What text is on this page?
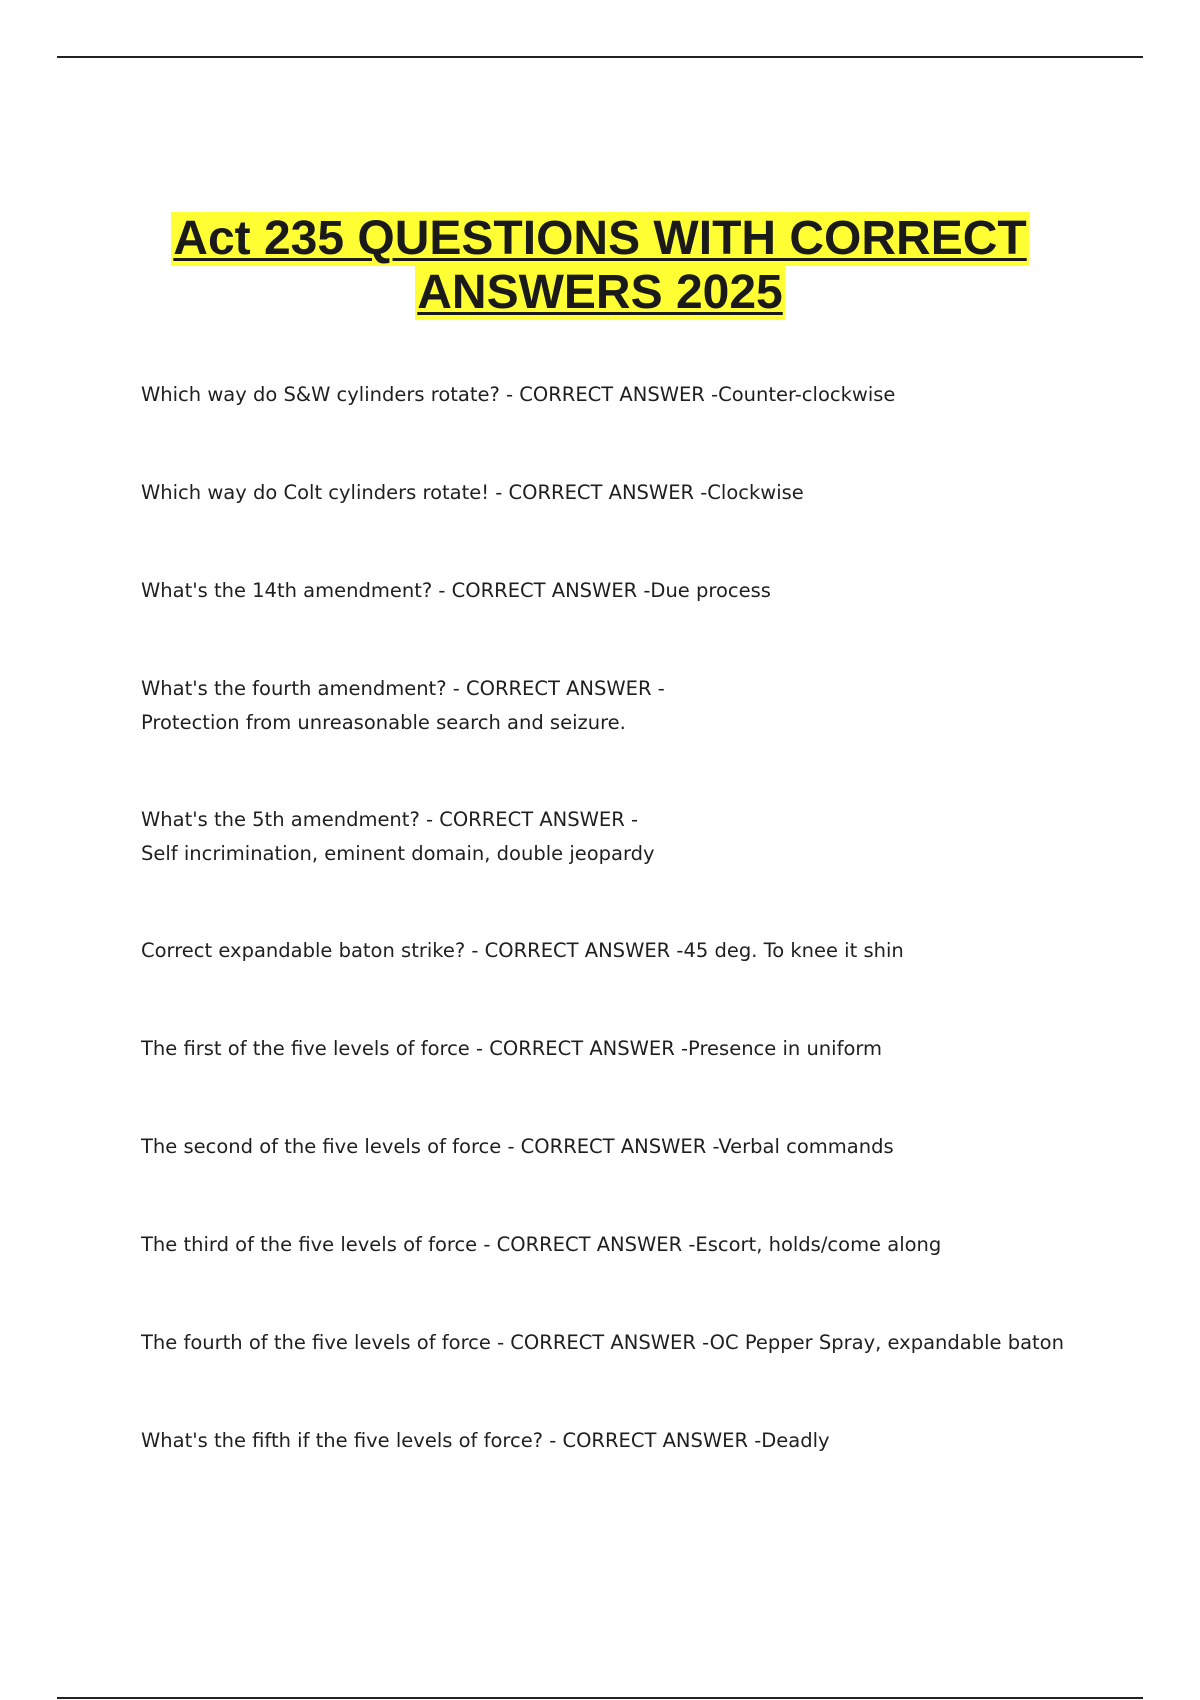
Act 235 QUESTIONS WITH CORRECT
ANSWERS 2025
Which way do S&W cylinders rotate? - CORRECT ANSWER -Counter-clockwise
Which way do Colt cylinders rotate! - CORRECT ANSWER -Clockwise
What's the 14th amendment? - CORRECT ANSWER -Due process
What's the fourth amendment? - CORRECT ANSWER -
Protection from unreasonable search and seizure.
What's the 5th amendment? - CORRECT ANSWER -
Self incrimination, eminent domain, double jeopardy
Correct expandable baton strike? - CORRECT ANSWER -45 deg. To knee it shin
The first of the five levels of force - CORRECT ANSWER -Presence in uniform
The second of the five levels of force - CORRECT ANSWER -Verbal commands
The third of the five levels of force - CORRECT ANSWER -Escort, holds/come along
The fourth of the five levels of force - CORRECT ANSWER -OC Pepper Spray, expandable baton
What's the fifth if the five levels of force? - CORRECT ANSWER -Deadly
